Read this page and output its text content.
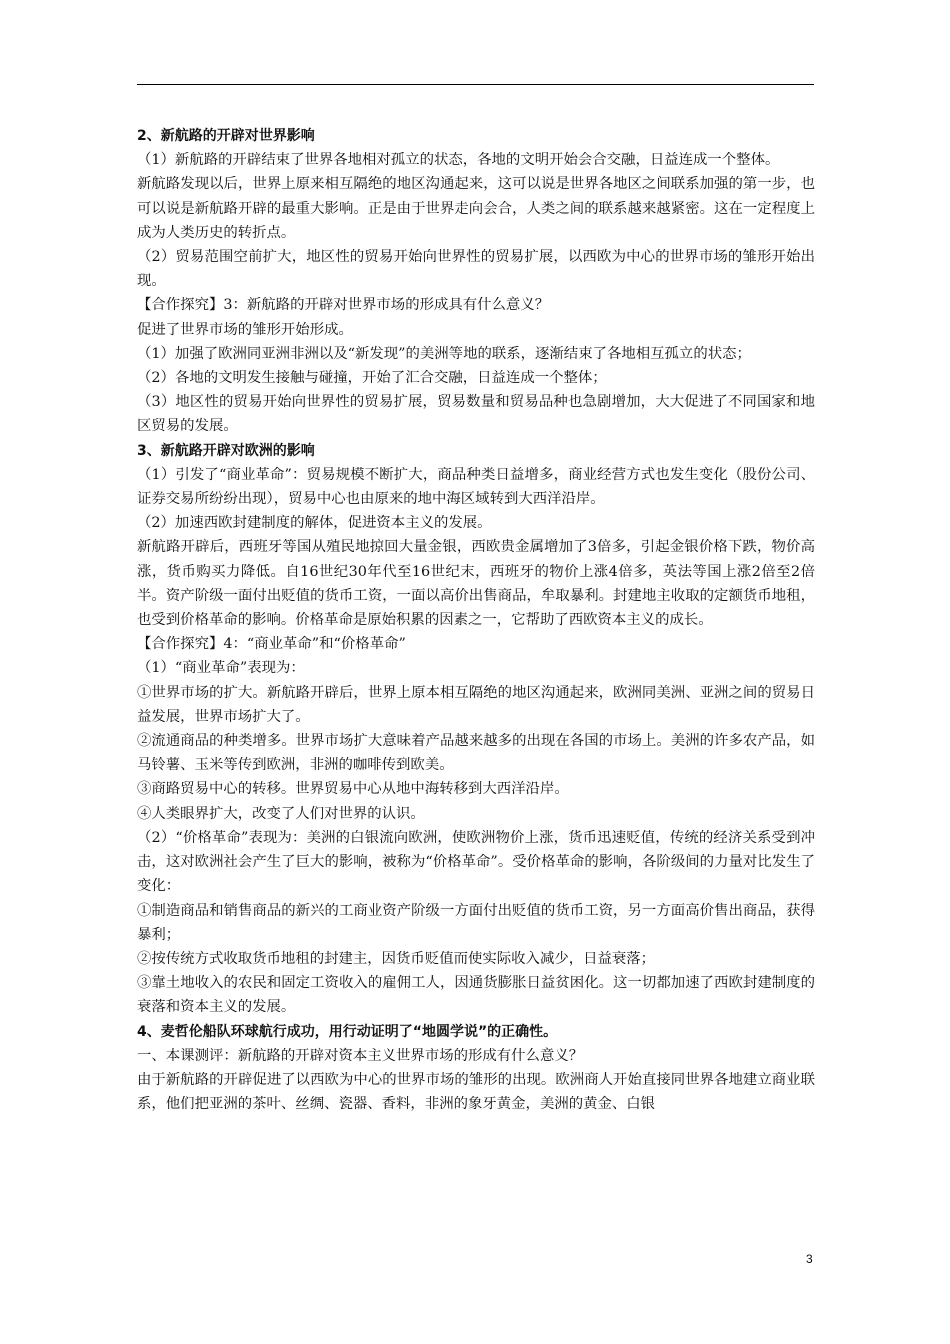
2、新航路的开辟对世界影响

（1）新航路的开辟结束了世界各地相对孤立的状态，各地的文明开始会合交融，日益连成一个整体。

新航路发现以后，世界上原来相互隔绝的地区沟通起来，这可以说是世界各地区之间联系加强的第一步，也可以说是新航路开辟的最重大影响。正是由于世界走向会合，人类之间的联系越来越紧密。这在一定程度上成为人类历史的转折点。

（2）贸易范围空前扩大，地区性的贸易开始向世界性的贸易扩展，以西欧为中心的世界市场的雏形开始出现。

【合作探究】3：新航路的开辟对世界市场的形成具有什么意义？

促进了世界市场的雏形开始形成。

（1）加强了欧洲同亚洲非洲以及“新发现”的美洲等地的联系，逐渐结束了各地相互孤立的状态；

（2）各地的文明发生接触与碰撞，开始了汇合交融，日益连成一个整体；

（3）地区性的贸易开始向世界性的贸易扩展，贸易数量和贸易品种也急剧增加，大大促进了不同国家和地区贸易的发展。

3、新航路开辟对欧洲的影响

（1）引发了“商业革命”：贸易规模不断扩大，商品种类日益增多，商业经营方式也发生变化（股份公司、证券交易所纷纷出现），贸易中心也由原来的地中海区域转到大西洋沿岸。

（2）加速西欧封建制度的解体，促进资本主义的发展。

新航路开辟后，西班牙等国从殖民地掠回大量金银，西欧贵金属增加了3倍多，引起金银价格下跌，物价高涨，货币购买力降低。自16世纪30年代至16世纪末，西班牙的物价上涨4倍多，英法等国上涨2倍至2倍半。资产阶级一面付出贬值的货币工资，一面以高价出售商品，牟取暴利。封建地主收取的定额货币地租，也受到价格革命的影响。价格革命是原始积累的因素之一，它帮助了西欧资本主义的成长。

【合作探究】4：“商业革命”和“价格革命”

（1）“商业革命”表现为：

①世界市场的扩大。新航路开辟后，世界上原本相互隔绝的地区沟通起来，欧洲同美洲、亚洲之间的贸易日益发展，世界市场扩大了。

②流通商品的种类增多。世界市场扩大意味着产品越来越多的出现在各国的市场上。美洲的许多农产品，如马铃薯、玉米等传到欧洲，非洲的咖啡传到欧美。

③商路贸易中心的转移。世界贸易中心从地中海转移到大西洋沿岸。

④人类眼界扩大，改变了人们对世界的认识。

（2）“价格革命”表现为：美洲的白银流向欧洲，使欧洲物价上涨，货币迅速贬值，传统的经济关系受到冲击，这对欧洲社会产生了巨大的影响，被称为“价格革命”。受价格革命的影响，各阶级间的力量对比发生了变化：

①制造商品和销售商品的新兴的工商业资产阶级一方面付出贬值的货币工资，另一方面高价售出商品，获得暴利；

②按传统方式收取货币地租的封建主，因货币贬值而使实际收入减少，日益衰落；

③靠土地收入的农民和固定工资收入的雇佣工人，因通货膨胀日益贫困化。这一切都加速了西欧封建制度的衰落和资本主义的发展。

4、麦哲伦船队环球航行成功，用行动证明了“地圆学说”的正确性。

一、本课测评：新航路的开辟对资本主义世界市场的形成有什么意义？

由于新航路的开辟促进了以西欧为中心的世界市场的雏形的出现。欧洲商人开始直接同世界各地建立商业联系，他们把亚洲的茶叶、丝绸、瓷器、香料，非洲的象牙黄金，美洲的黄金、白银

3
